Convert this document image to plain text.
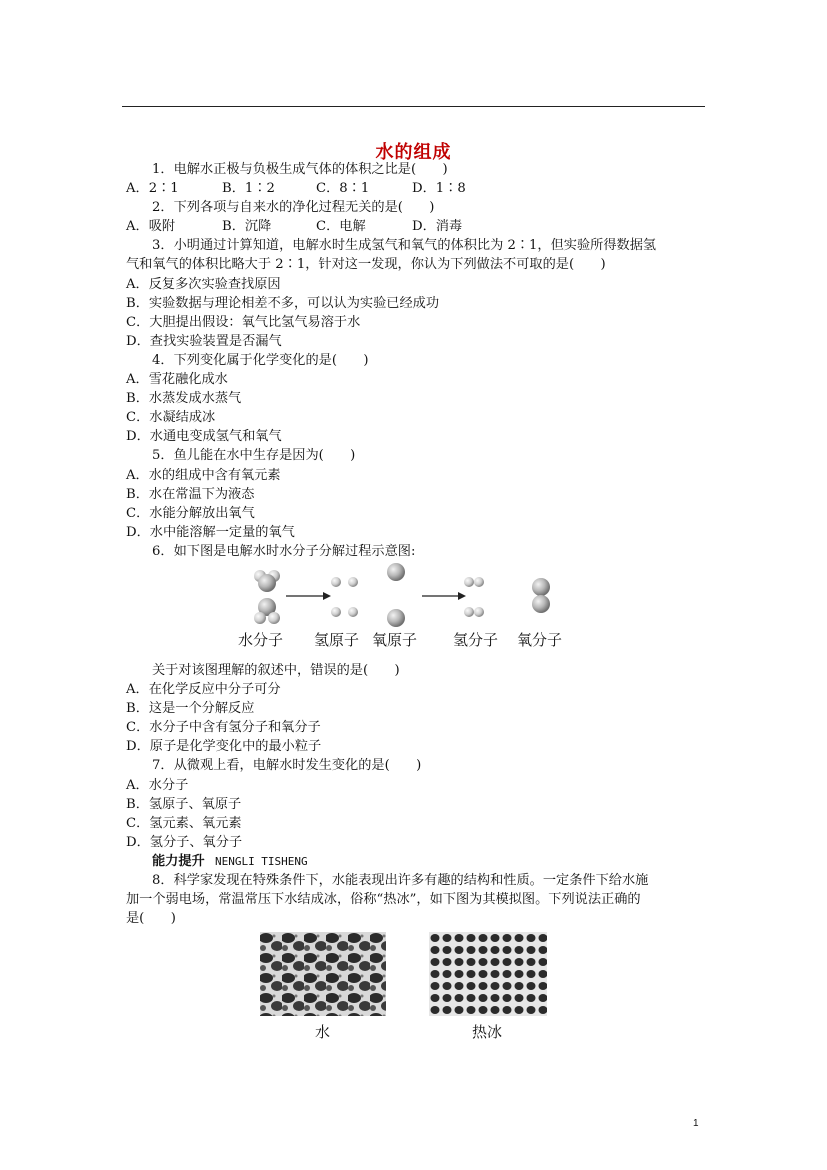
水的组成
1．电解水正极与负极生成气体的体积之比是(　　)
A．2∶1	B．1∶2	C．8∶1	D．1∶8
2．下列各项与自来水的净化过程无关的是(　　)
A．吸附	B．沉降	C．电解	D．消毒
3．小明通过计算知道，电解水时生成氢气和氧气的体积比为 2∶1，但实验所得数据氢
气和氧气的体积比略大于 2∶1，针对这一发现，你认为下列做法不可取的是(　　)
A．反复多次实验查找原因
B．实验数据与理论相差不多，可以认为实验已经成功
C．大胆提出假设：氧气比氢气易溶于水
D．查找实验装置是否漏气
4．下列变化属于化学变化的是(　　)
A．雪花融化成水
B．水蒸发成水蒸气
C．水凝结成冰
D．水通电变成氢气和氧气
5．鱼儿能在水中生存是因为(　　)
A．水的组成中含有氧元素
B．水在常温下为液态
C．水能分解放出氧气
D．水中能溶解一定量的氧气
6．如下图是电解水时水分子分解过程示意图:
水分子 氢原子 氧原子 氢分子 氧分子
关于对该图理解的叙述中，错误的是(　　)
A．在化学反应中分子可分
B．这是一个分解反应
C．水分子中含有氢分子和氧分子
D．原子是化学变化中的最小粒子
7．从微观上看，电解水时发生变化的是(　　)
A．水分子
B．氢原子、氧原子
C．氢元素、氧元素
D．氢分子、氧分子
能力提升 NENGLI TISHENG
8．科学家发现在特殊条件下，水能表现出许多有趣的结构和性质。一定条件下给水施
加一个弱电场，常温常压下水结成冰，俗称“热冰”，如下图为其模拟图。下列说法正确的
是(　　)
水	热冰
1
